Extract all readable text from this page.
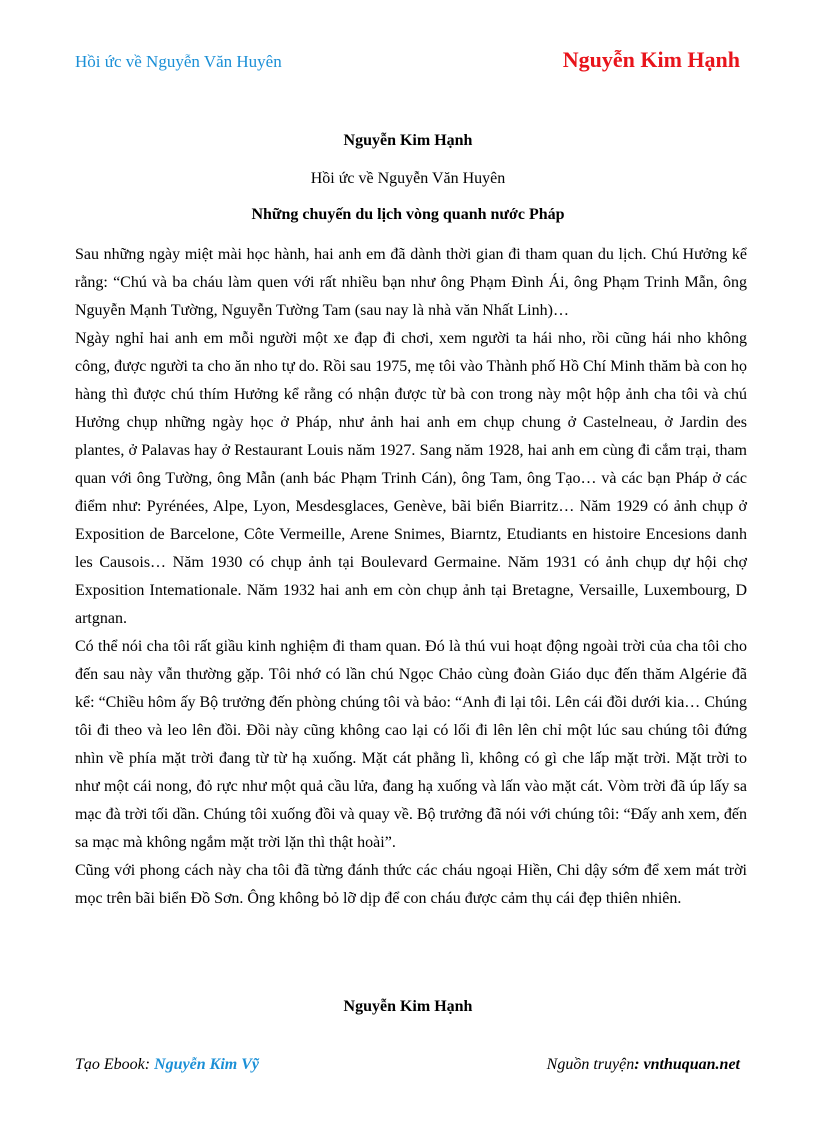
Hồi ức về Nguyễn Văn Huyên	Nguyễn Kim Hạnh
Nguyễn Kim Hạnh
Hồi ức về Nguyễn Văn Huyên
Những chuyến du lịch vòng quanh nước Pháp

Sau những ngày miệt mài học hành, hai anh em đã dành thời gian đi tham quan du lịch. Chú Hưởng kể rằng: “Chú và ba cháu làm quen với rất nhiều bạn như ông Phạm Đình Ái, ông Phạm Trinh Mẫn, ông Nguyễn Mạnh Tường, Nguyễn Tường Tam (sau nay là nhà văn Nhất Linh)…

Ngày nghỉ hai anh em mỗi người một xe đạp đi chơi, xem người ta hái nho, rồi cũng hái nho không công, được người ta cho ăn nho tự do. Rồi sau 1975, mẹ tôi vào Thành phố Hồ Chí Minh thăm bà con họ hàng thì được chú thím Hưởng kể rằng có nhận được từ bà con trong này một hộp ảnh cha tôi và chú Hưởng chụp những ngày học ở Pháp, như ảnh hai anh em chụp chung ở Castelneau, ở Jardin des plantes, ở Palavas hay ở Restaurant Louis năm 1927. Sang năm 1928, hai anh em cùng đi cắm trại, tham quan với ông Tường, ông Mẫn (anh bác Phạm Trinh Cán), ông Tam, ông Tạo… và các bạn Pháp ở các điểm như: Pyrénées, Alpe, Lyon, Mesdesglaces, Genève, bãi biển Biarritz… Năm 1929 có ảnh chụp ở Exposition de Barcelone, Côte Vermeille, Arene Snimes, Biarntz, Etudiants en histoire Encesions danh les Causois… Năm 1930 có chụp ảnh tại Boulevard Germaine. Năm 1931 có ảnh chụp dự hội chợ Exposition Intemationale. Năm 1932 hai anh em còn chụp ảnh tại Bretagne, Versaille, Luxembourg, D artgnan.

Có thể nói cha tôi rất giầu kinh nghiệm đi tham quan. Đó là thú vui hoạt động ngoài trời của cha tôi cho đến sau này vẫn thường gặp. Tôi nhớ có lần chú Ngọc Chảo cùng đoàn Giáo dục đến thăm Algérie đã kể: “Chiều hôm ấy Bộ trưởng đến phòng chúng tôi và bảo: “Anh đi lại tôi. Lên cái đồi dưới kia… Chúng tôi đi theo và leo lên đồi. Đồi này cũng không cao lại có lối đi lên lên chỉ một lúc sau chúng tôi đứng nhìn về phía mặt trời đang từ từ hạ xuống. Mặt cát phẳng lì, không có gì che lấp mặt trời. Mặt trời to như một cái nong, đỏ rực như một quả cầu lửa, đang hạ xuống và lấn vào mặt cát. Vòm trời đã úp lấy sa mạc đà trời tối dần. Chúng tôi xuống đồi và quay về. Bộ trưởng đã nói với chúng tôi: “Đấy anh xem, đến sa mạc mà không ngắm mặt trời lặn thì thật hoài”.

Cũng với phong cách này cha tôi đã từng đánh thức các cháu ngoại Hiền, Chi dậy sớm để xem mát trời mọc trên bãi biển Đồ Sơn. Ông không bỏ lỡ dịp để con cháu được cảm thụ cái đẹp thiên nhiên.

Nguyễn Kim Hạnh
Tạo Ebook: Nguyễn Kim Vỹ	Nguồn truyện: vnthuquan.net
